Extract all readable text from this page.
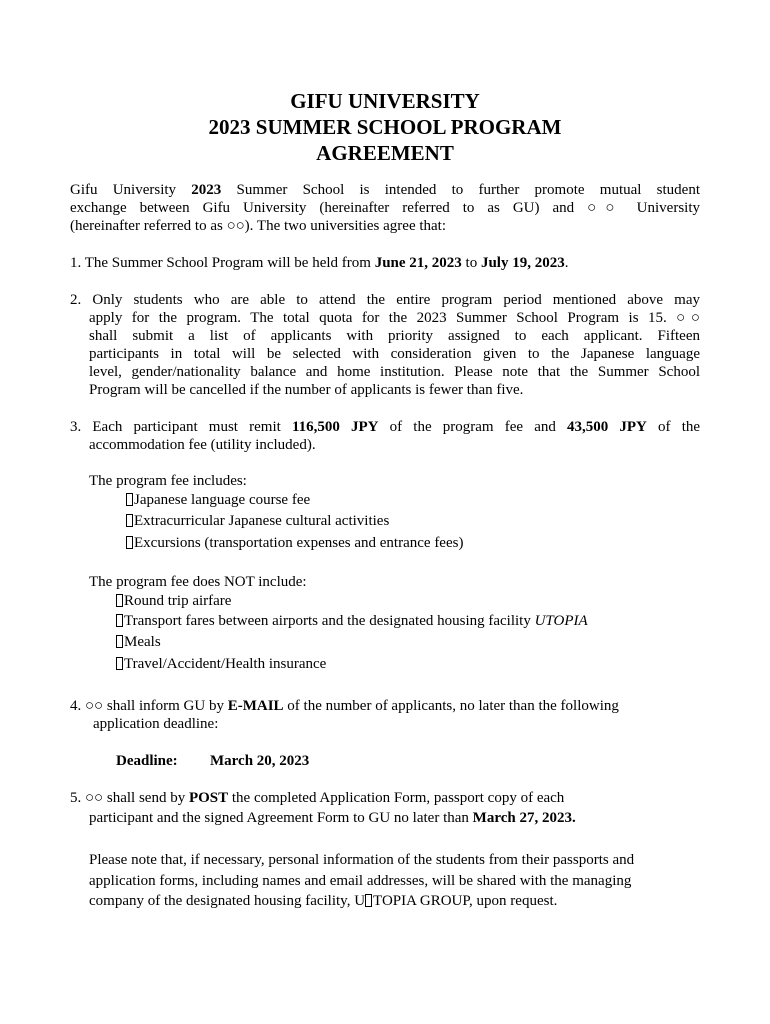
GIFU UNIVERSITY
2023 SUMMER SCHOOL PROGRAM
AGREEMENT
Gifu University 2023 Summer School is intended to further promote mutual student
exchange between Gifu University (hereinafter referred to as GU) and ○○ University
(hereinafter referred to as ○○). The two universities agree that:
1. The Summer School Program will be held from June 21, 2023 to July 19, 2023.
2. Only students who are able to attend the entire program period mentioned above may
apply for the program. The total quota for the 2023 Summer School Program is 15. ○○
shall submit a list of applicants with priority assigned to each applicant. Fifteen
participants in total will be selected with consideration given to the Japanese language
level, gender/nationality balance and home institution. Please note that the Summer School
Program will be cancelled if the number of applicants is fewer than five.
3. Each participant must remit 116,500 JPY of the program fee and 43,500 JPY of the
accommodation fee (utility included).
The program fee includes:
Japanese language course fee
Extracurricular Japanese cultural activities
Excursions (transportation expenses and entrance fees)
The program fee does NOT include:
Round trip airfare
Transport fares between airports and the designated housing facility UTOPIA
Meals
Travel/Accident/Health insurance
4. ○○ shall inform GU by E-MAIL of the number of applicants, no later than the following
application deadline:
Deadline: March 20, 2023
5. ○○ shall send by POST the completed Application Form, passport copy of each
participant and the signed Agreement Form to GU no later than March 27, 2023.
Please note that, if necessary, personal information of the students from their passports and
application forms, including names and email addresses, will be shared with the managing
company of the designated housing facility, U TOPIA GROUP, upon request.
